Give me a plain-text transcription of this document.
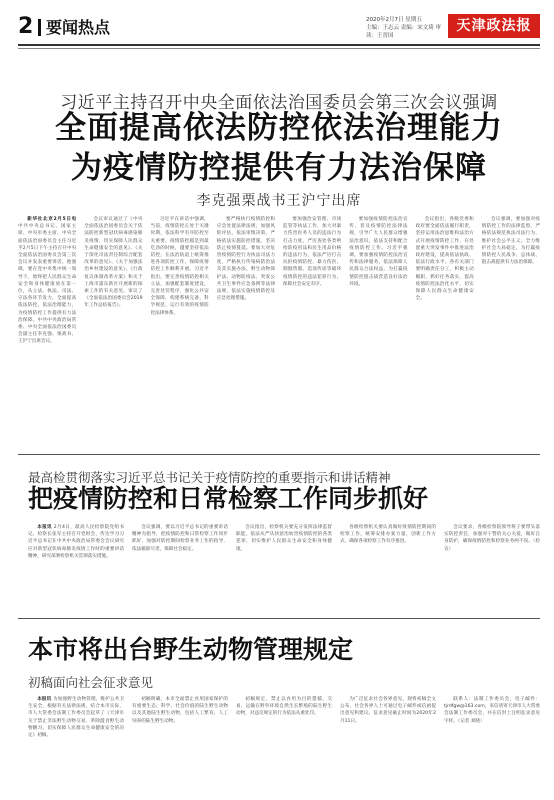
2 要闻热点	2020年2月7日 星期五
主编：王志云 责编：宋文琦 审读：王晋国
天津政法报
习近平主持召开中央全面依法治国委员会第三次会议强调
全面提高依法防控依法治理能力
为疫情防控提供有力法治保障
李克强栗战书王沪宁出席

新华社北京2月5日电 中共中央总书记、国家主席、中央军委主席、中央全面依法治国委员会主任习近平2月5日下午主持召开中央全面依法治国委员会第三次会议并发表重要讲话。他强调，要在党中央集中统一领导下，始终把人民群众生命安全和身体健康放在第一位，从立法、执法、司法、守法各环节发力，全面提高依法防控、依法治理能力，为疫情防控工作提供有力法治保障。中共中央政治局常委、中央全面依法治国委员会副主任李克强、栗战书、王沪宁出席会议。

会议审议通过了《中央全面依法治国委员会关于依法防控新型冠状病毒感染肺炎疫情、切实保障人民群众生命健康安全的意见》、《关于深化司法责任制综合配套改革的意见》、《关于加强法治乡村建设的意见》、《行政复议体制改革方案》和关于上海市浦东新区开展新的探索工作的有关意见，审议了《全面依法治国委员会2019年工作总结报告》。

习近平在讲话中强调，当前，疫情防控正处于关键时期，依法科学有序防控至关重要。疫情防控越是到最吃劲的时候，越要坚持依法防控，在法治轨道上统筹推进各项防控工作，保障疫情防控工作顺利开展。习近平指出，要完善疫情防控相关立法，加强配套制度建设，完善处罚程序，强化公共安全保障，构建系统完备、科学规范、运行有效的疫情防控法律体系。

要严格执行疫情防控和应急处置法律法规，加强风险评估，依法审慎决策，严格依法实施防控措施，坚决防止疫情蔓延。要加大对危害疫情防控行为执法司法力度，严格执行传染病防治法及其实施办法、野生动物保护法、动物防疫法、突发公共卫生事件应急条例等法律法规，依法实施疫情防控及应急处理措施。

要加强治安管理、市场监管等执法工作，加大对暴力伤害医务人员的违法行为打击力度，严厉查处各类哄抬防疫用品和民生用品价格的违法行为，依法严厉打击抗拒疫情防控、暴力伤医、制假售假、造谣传谣等破坏疫情防控的违法犯罪行为，保障社会安定有序。

要加强疫情防控法治宣传，普及疫情防控法律法规，引导广大人民群众增强法治意识，依法支持和配合疫情防控工作。习近平强调，要加强疫情防控法治宣传和法律服务，依法保障人民群众合法权益，为打赢疫情防控阻击战营造良好法治环境。

会议指出，各级党委和政府要全面依法履行职责，坚持运用法治思维和法治方式开展疫情防控工作，在处置重大突发事件中推进法治政府建设，提高依法执政、依法行政水平。各有关部门要明确责任分工，积极主动履职，抓好任务落实，提高疫情防控法治化水平，切实保障人民群众生命健康安全。

会议强调，要加强对疫情防控工作的法律监督，严格依法规范执法司法行为，维护社会公平正义，全力维护社会大局稳定，为打赢疫情防控人民战争、总体战、阻击战提供有力法治保障。

最高检贯彻落实习近平总书记关于疫情防控的重要指示和讲话精神
把疫情防控和日常检察工作同步抓好

本报讯 2月4日，最高人民检察院党组书记、检察长张军主持召开党组会，传达学习习近平总书记在中共中央政治局常委会会议研究应对新型冠状病毒肺炎疫情工作时的重要讲话精神，研究部署检察机关贯彻落实措施。

会议强调，要以习近平总书记的重要讲话精神为指导，把疫情防控和日常检察工作同步抓好，加强对防控期间检察业务工作的指导，依法履职尽责，保障社会稳定。

会议指出，检察机关要充分发挥法律监督职能，依法从严从快惩治妨害疫情防控的各类犯罪，切实维护人民群众生命安全和身体健康。

各级检察机关要认真做好疫情防控期间的检察工作，统筹安排办案力量，创新工作方式，确保各项检察工作有序推进。

会议要求，各级检察院领导班子要带头落实防控责任，加强对干警的关心关爱，做好自身防护，确保疫情防控和检察业务两不误。（检宣）

本市将出台野生动物管理规定
初稿面向社会征求意见

本报讯 为加强野生动物管理，维护公共卫生安全，根据有关法律法规，结合本市实际，市人大常委会法制工作委员会起草了《天津市关于禁止非法野生动物交易、革除滥食野生动物陋习、切实保障人民群众生命健康安全的决定》初稿。

初稿明确，本市全面禁止食用国家保护的有重要生态、科学、社会价值的陆生野生动物以及其他陆生野生动物，包括人工繁育、人工饲养的陆生野生动物。

初稿规定，禁止以食用为目的猎捕、交易、运输在野外环境自然生长繁殖的陆生野生动物，对违反规定的行为依法从重处罚。

为广泛征求社会各界意见，现将初稿全文公布，社会各界人士可通过电子邮件或信函提出意见和建议。征求意见截止时间为2020年2月11日。

联系人：法制工作委员会，电子邮件：tjrdfgw@163.com，来信请寄天津市人大常委会法制工作委员会，并在信封上注明征求意见字样。（记者 刘晓）
